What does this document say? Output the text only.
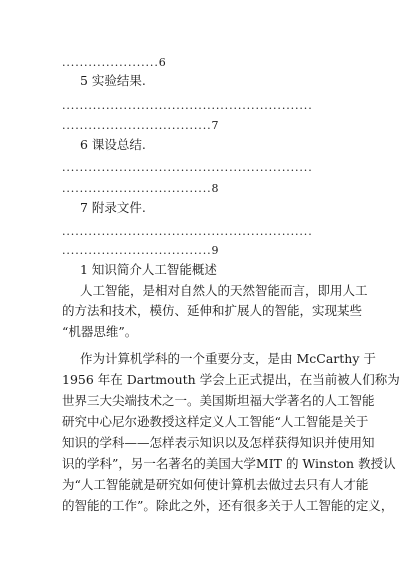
......................6
5 实验结果.
.........................................................
..................................7
6 课设总结.
.........................................................
..................................8
7 附录文件.
.........................................................
..................................9
1 知识简介人工智能概述
人工智能，是相对自然人的天然智能而言，即用人工
的方法和技术，模仿、延伸和扩展人的智能，实现某些
“机器思维”。
作为计算机学科的一个重要分支，是由 McCarthy 于
1956 年在 Dartmouth 学会上正式提出，在当前被人们称为
世界三大尖端技术之一。美国斯坦福大学著名的人工智能
研究中心尼尔逊教授这样定义人工智能“人工智能是关于
知识的学科——怎样表示知识以及怎样获得知识并使用知
识的学科”，另一名著名的美国大学MIT 的 Winston 教授认
为“人工智能就是研究如何使计算机去做过去只有人才能
的智能的工作”。除此之外，还有很多关于人工智能的定义，
